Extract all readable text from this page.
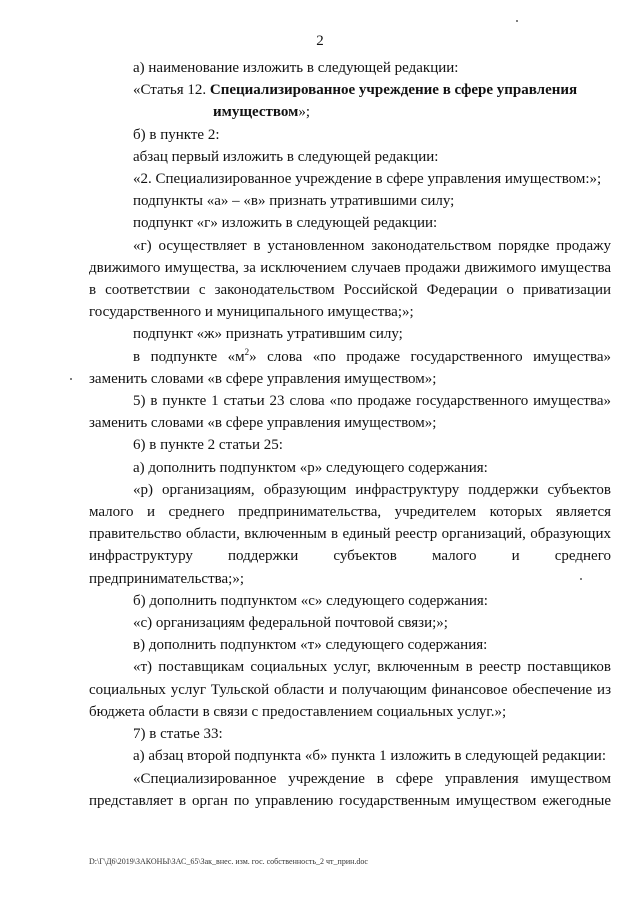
2

а) наименование изложить в следующей редакции:

«Статья 12. Специализированное учреждение в сфере управления

имуществом»;

б) в пункте 2:

абзац первый изложить в следующей редакции:

«2. Специализированное учреждение в сфере управления имуществом:»;

подпункты «а» – «в» признать утратившими силу;

подпункт «г» изложить в следующей редакции:

«г) осуществляет в установленном законодательством порядке продажу движимого имущества, за исключением случаев продажи движимого имущества в соответствии с законодательством Российской Федерации о приватизации государственного и муниципального имущества;»;

подпункт «ж» признать утратившим силу;

в подпункте «$м^2$» слова «по продаже государственного имущества» заменить словами «в сфере управления имуществом»;

5) в пункте 1 статьи 23 слова «по продаже государственного имущества» заменить словами «в сфере управления имуществом»;

6) в пункте 2 статьи 25:

а) дополнить подпунктом «р» следующего содержания:

«р) организациям, образующим инфраструктуру поддержки субъектов малого и среднего предпринимательства, учредителем которых является правительство области, включенным в единый реестр организаций, образующих инфраструктуру поддержки субъектов малого и среднего предпринимательства;»;

б) дополнить подпунктом «с» следующего содержания:

«с) организациям федеральной почтовой связи;»;

в) дополнить подпунктом «т» следующего содержания:

«т) поставщикам социальных услуг, включенным в реестр поставщиков социальных услуг Тульской области и получающим финансовое обеспечение из бюджета области в связи с предоставлением социальных услуг.»;

7) в статье 33:

а) абзац второй подпункта «б» пункта 1 изложить в следующей редакции:

«Специализированное учреждение в сфере управления имуществом представляет в орган по управлению государственным имуществом ежегодные

D:\Г\Д6\2019\ЗАКОНЫ\ЗАС_65\Зак_внес. изм. гос. собственность_2 чт_прин.doc
